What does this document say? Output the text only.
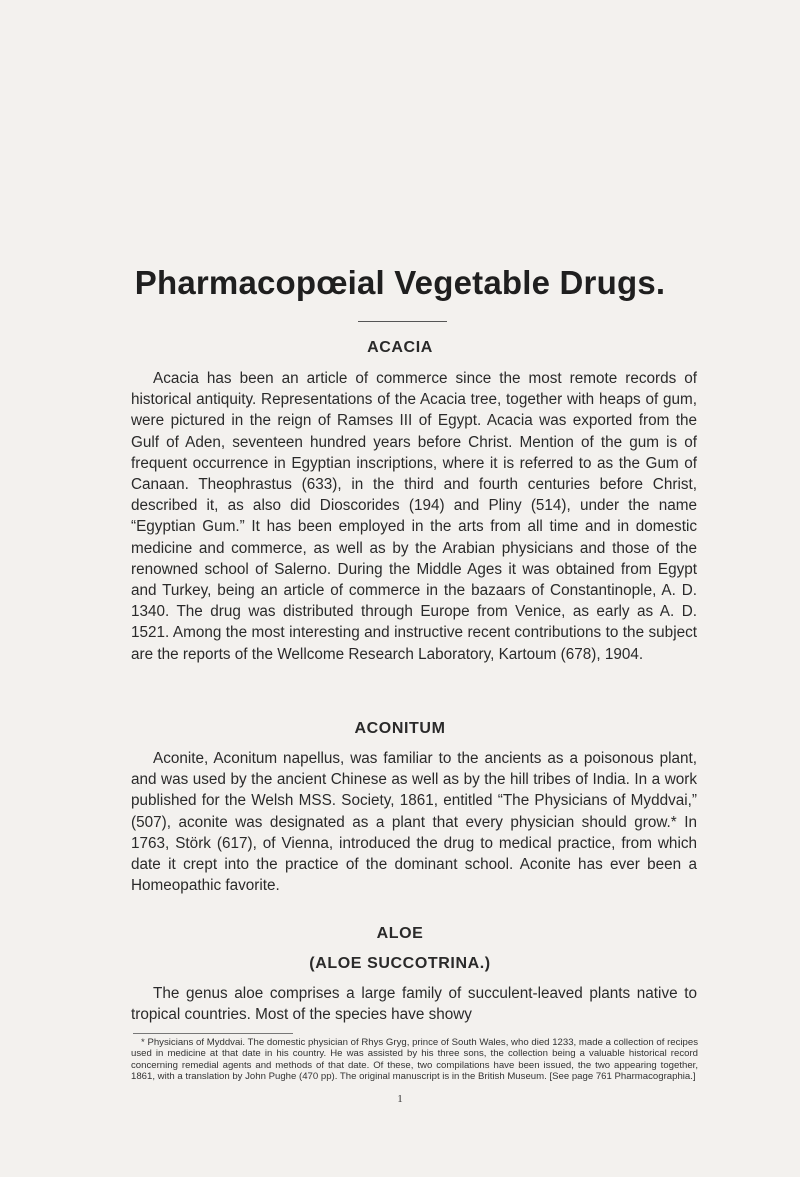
Pharmacopœial Vegetable Drugs.
ACACIA

Acacia has been an article of commerce since the most remote records of historical antiquity. Representations of the Acacia tree, together with heaps of gum, were pictured in the reign of Ramses III of Egypt. Acacia was exported from the Gulf of Aden, seventeen hundred years before Christ. Mention of the gum is of frequent occurrence in Egyptian inscriptions, where it is referred to as the Gum of Canaan. Theophrastus (633), in the third and fourth centuries before Christ, described it, as also did Dioscorides (194) and Pliny (514), under the name “Egyptian Gum.” It has been employed in the arts from all time and in domestic medicine and commerce, as well as by the Arabian physicians and those of the renowned school of Salerno. During the Middle Ages it was obtained from Egypt and Turkey, being an article of commerce in the bazaars of Constantinople, A. D. 1340. The drug was distributed through Europe from Venice, as early as A. D. 1521. Among the most interesting and instructive recent contributions to the subject are the reports of the Wellcome Research Laboratory, Kartoum (678), 1904.

ACONITUM

Aconite, Aconitum napellus, was familiar to the ancients as a poisonous plant, and was used by the ancient Chinese as well as by the hill tribes of India. In a work published for the Welsh MSS. Society, 1861, entitled “The Physicians of Myddvai,” (507), aconite was designated as a plant that every physician should grow.* In 1763, Störk (617), of Vienna, introduced the drug to medical practice, from which date it crept into the practice of the dominant school. Aconite has ever been a Homeopathic favorite.

ALOE
(ALOE SUCCOTRINA.)

The genus aloe comprises a large family of succulent-leaved plants native to tropical countries. Most of the species have showy

* Physicians of Myddvai. The domestic physician of Rhys Gryg, prince of South Wales, who died 1233, made a collection of recipes used in medicine at that date in his country. He was assisted by his three sons, the collection being a valuable historical record concerning remedial agents and methods of that date. Of these, two compilations have been issued, the two appearing together, 1861, with a translation by John Pughe (470 pp). The original manuscript is in the British Museum. [See page 761 Pharmacographia.]

1
